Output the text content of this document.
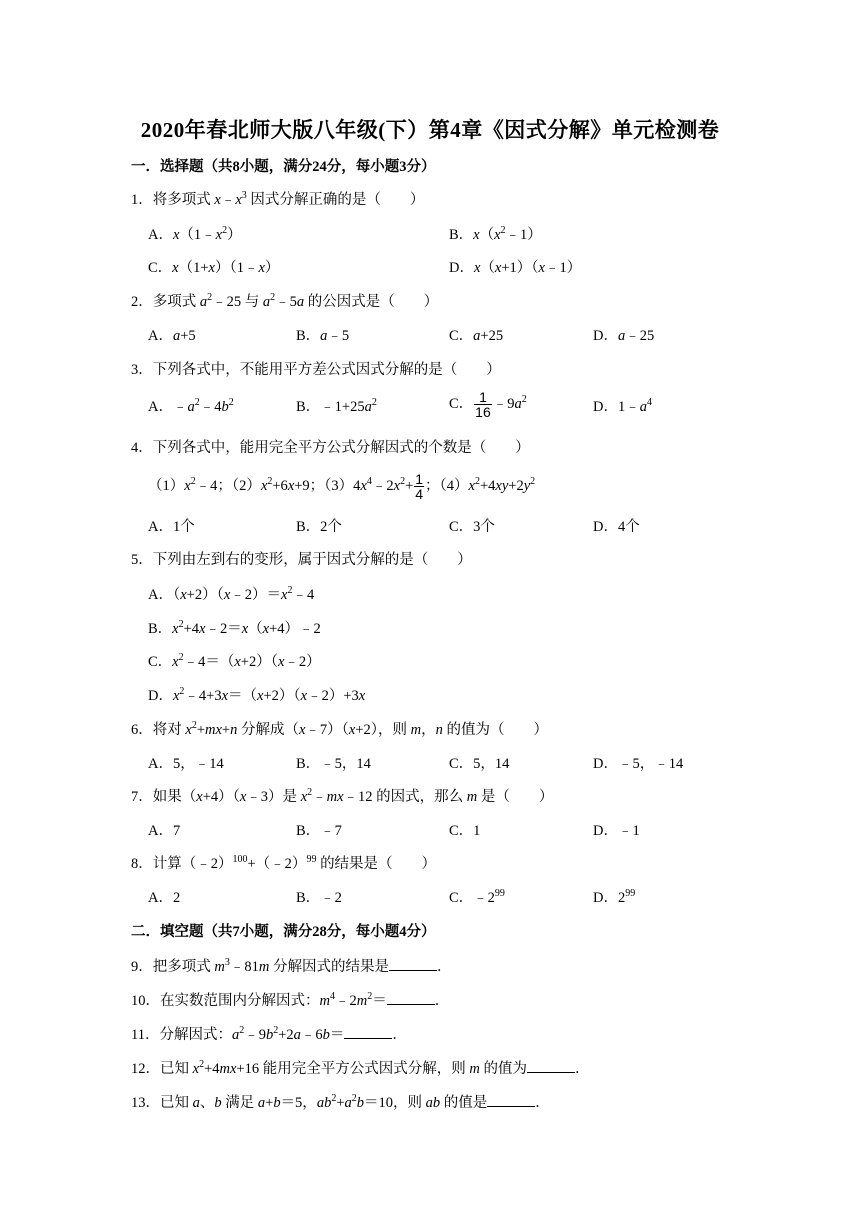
2020年春北师大版八年级(下）第4章《因式分解》单元检测卷
一．选择题（共8小题，满分24分，每小题3分）
1．将多项式 $x﹣x^3$ 因式分解正确的是（　　）
A．$x(1﹣x^2)$	B．$x(x^2﹣1)$
C．x（1+x）（1﹣x）	D．x（x+1）（x﹣1）
2．多项式 $a^2﹣25$ 与 $a^2﹣5a$ 的公因式是（　　）
A．a+5	B．a﹣5	C．a+25	D．a﹣25
3．下列各式中，不能用平方差公式因式分解的是（　　）
A．$﹣a^2﹣4b^2$	B．$﹣1+25a^2$	C． $\frac{1}{16}$ $﹣9a^2$	D．$1﹣a^4$
4．下列各式中，能用完全平方公式分解因式的个数是（　　）
$(1)x^2﹣4$；$(2)x^2+6x+9$；$(3)4x^4﹣2x^2+ \frac{1}{4}$ ；$(4)x^2+4xy+2y^2$
A．1个	B．2个	C．3个	D．4个
5．下列由左到右的变形，属于因式分解的是（　　）
A．$(x+2)(x﹣2)=x^2﹣4$
B．$x^2+4x﹣2=x(x+4)﹣2$
C．$x^2﹣4=(x+2)(x﹣2)$
D．$x^2﹣4+3x=(x+2)(x﹣2)+3x$
6．将对 $x^2+mx+n$ 分解成（x﹣7）（x+2），则 m，n 的值为（　　）
A．5，﹣14	B．﹣5，14	C．5，14	D．﹣5，﹣14
7．如果（x+4）（x﹣3）是 $x^2﹣mx﹣12$ 的因式，那么 m 是（　　）
A．7	B．﹣7	C．1	D．﹣1
8．计算（﹣2）$^{100}$+（﹣2）$^{99}$ 的结果是（　　）
A．2	B．﹣2	C．$﹣2^{99}$	D．$2^{99}$
二．填空题（共7小题，满分28分，每小题4分）
9．把多项式 $m^3﹣81m$ 分解因式的结果是	．
10．在实数范围内分解因式：$m^4﹣2m^2=$	．
11．分解因式：$a^2﹣9b^2+2a﹣6b=$	．
12．已知 $x^2+4mx+16$ 能用完全平方公式因式分解，则 m 的值为	．
13．已知 a、b 满足 a+b＝5，$ab^2+a^2b=10$，则 ab 的值是	．
